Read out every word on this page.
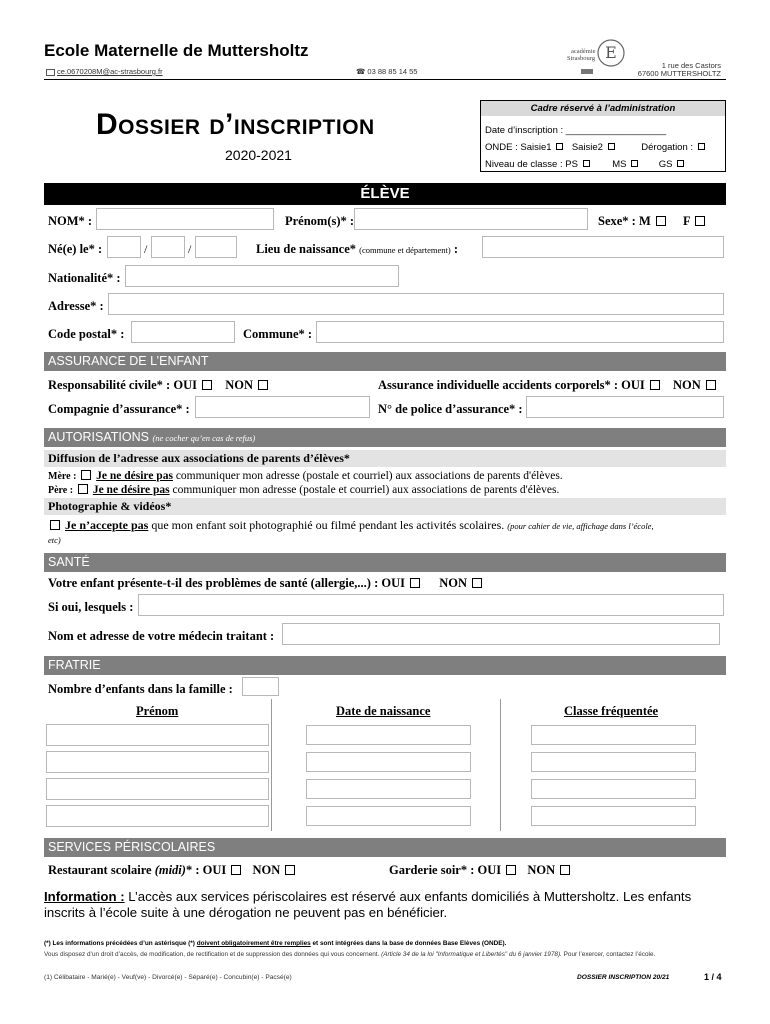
Ecole Maternelle de Muttersholtz
ce.0670208M@ac-strasbourg.fr	☎ 03 88 85 14 55
E
académie
Strasbourg
1 rue des Castors
67600 MUTTERSHOLTZ
Dossier d’inscription
2020-2021
Cadre réservé à l’administration
Date d’inscription : ___________________
ONDE : Saisie1 Saisie2	Dérogation :
Niveau de classe : PS	MS	GS
ÉLÈVE
NOM* :	Prénom(s)* :	Sexe* : M	F
Né(e) le* :	/	/	Lieu de naissance* (commune et département) :
Nationalité* :
Adresse* :
Code postal* :	Commune* :
ASSURANCE DE L’ENFANT
Responsabilité civile* : OUI NON	Assurance individuelle accidents corporels* : OUI NON
Compagnie d’assurance* :	N° de police d’assurance* :
AUTORISATIONS (ne cocher qu’en cas de refus)
Diffusion de l’adresse aux associations de parents d’élèves*
Mère : Je ne désire pas communiquer mon adresse (postale et courriel) aux associations de parents d'élèves.
Père : Je ne désire pas communiquer mon adresse (postale et courriel) aux associations de parents d'élèves.
Photographie & vidéos*
Je n’accepte pas que mon enfant soit photographié ou filmé pendant les activités scolaires. (pour cahier de vie, affichage dans l’école,
etc)
SANTÉ
Votre enfant présente-t-il des problèmes de santé (allergie,...) : OUI	NON
Si oui, lesquels :
Nom et adresse de votre médecin traitant :
FRATRIE
Nombre d’enfants dans la famille :
Prénom	Date de naissance	Classe fréquentée
SERVICES PÉRISCOLAIRES
Restaurant scolaire (midi)* : OUI NON	Garderie soir* : OUI NON
Information : L’accès aux services périscolaires est réservé aux enfants domiciliés à Muttersholtz. Les enfants inscrits à l’école suite à une dérogation ne peuvent pas en bénéficier.
(*) Les informations précédées d’un astérisque (*) doivent obligatoirement être remplies et sont intégrées dans la base de données Base Elèves (ONDE).
Vous disposez d’un droit d’accès, de modification, de rectification et de suppression des données qui vous concernent. (Article 34 de la loi "Informatique et Libertés" du 6 janvier 1978). Pour l’exercer, contactez l’école.
(1) Célibataire - Marié(e) - Veuf(ve) - Divorcé(e) - Séparé(e) - Concubin(e) - Pacsé(e)	DOSSIER INSCRIPTION 20/21	1 / 4
